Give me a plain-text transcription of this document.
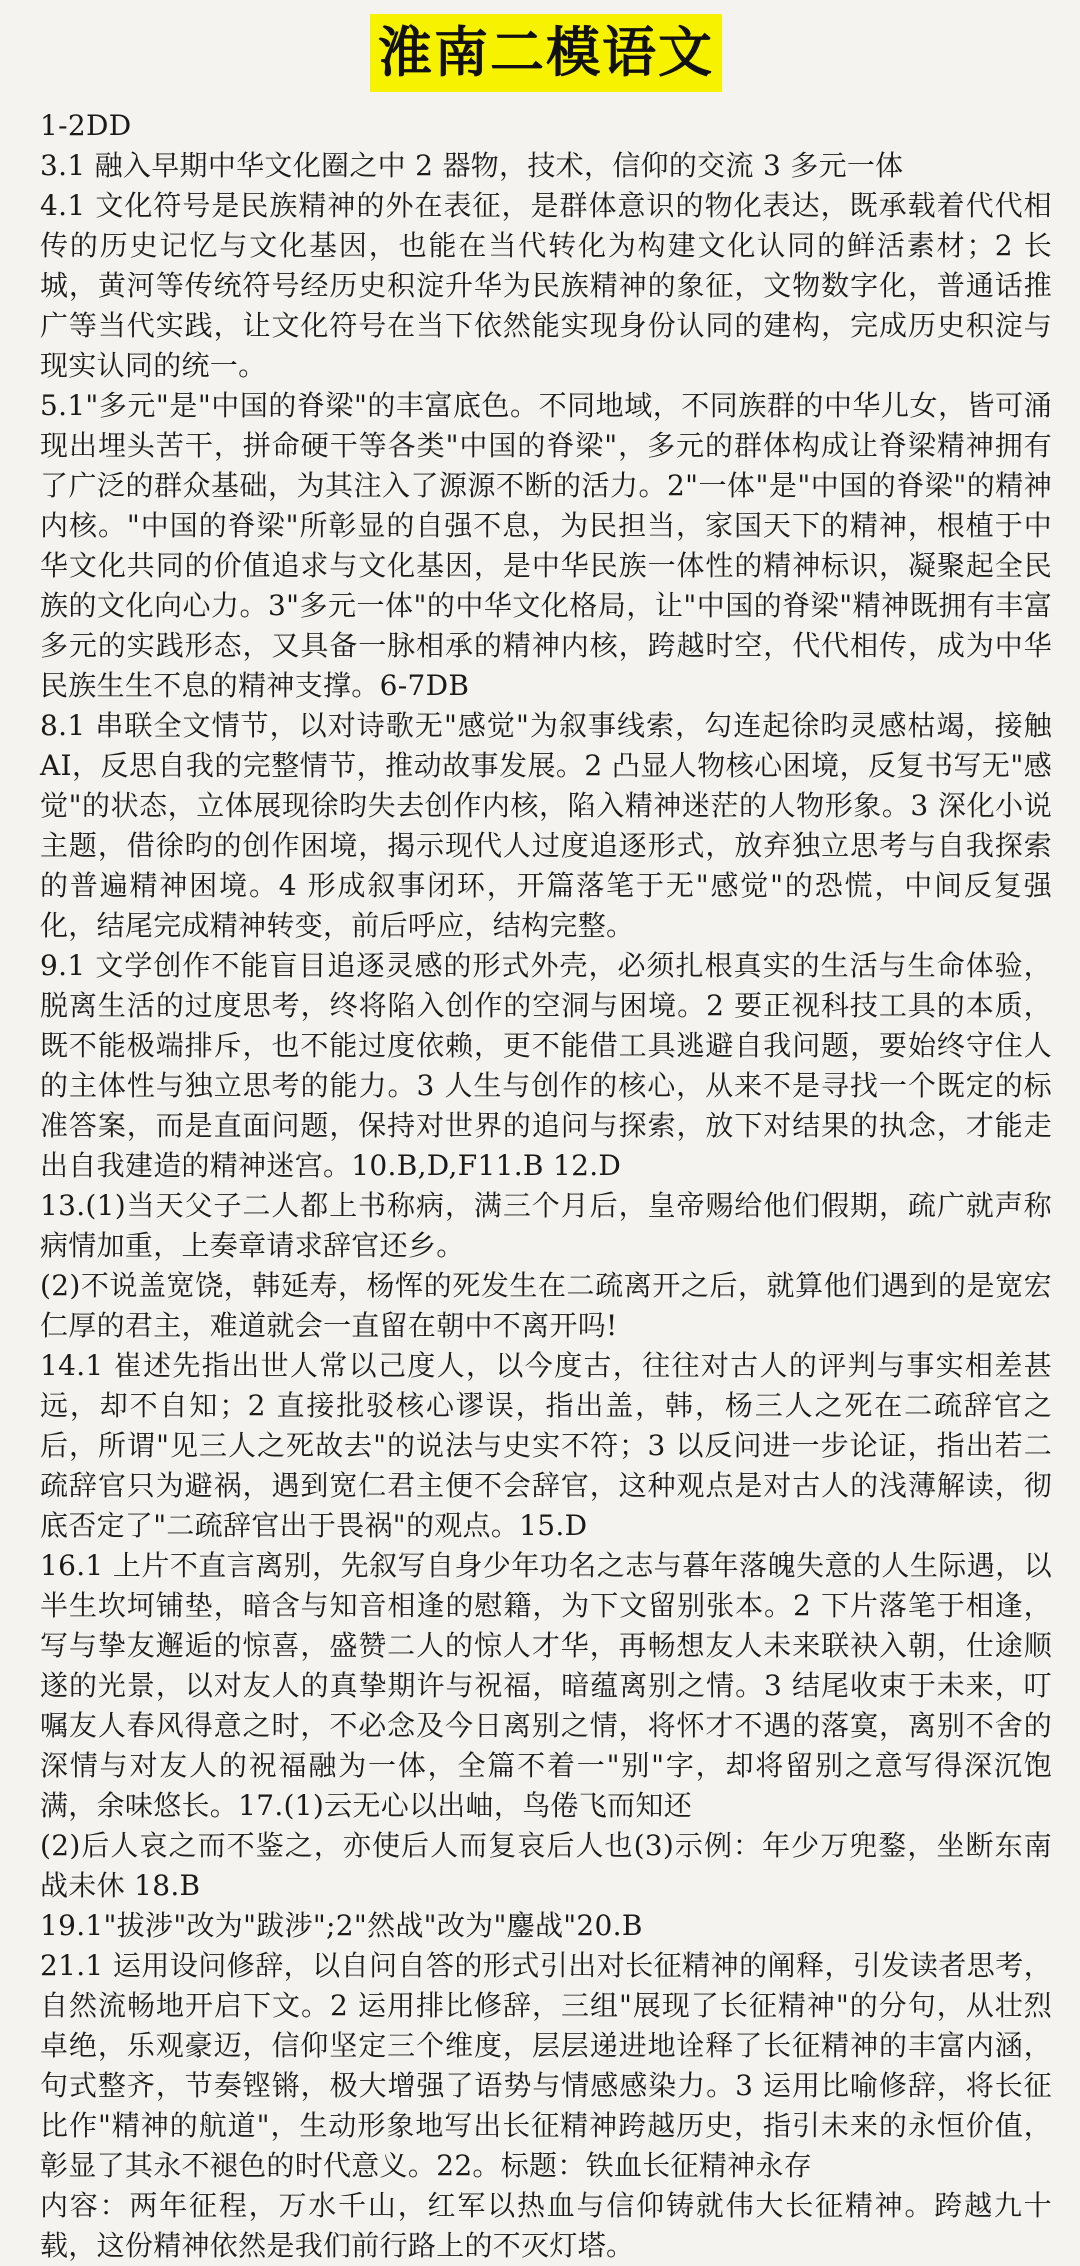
淮南二模语文

1-2DD

3.1 融入早期中华文化圈之中 2 器物，技术，信仰的交流 3 多元一体

4.1 文化符号是民族精神的外在表征，是群体意识的物化表达，既承载着代代相传的历史记忆与文化基因，也能在当代转化为构建文化认同的鲜活素材；2 长城，黄河等传统符号经历史积淀升华为民族精神的象征，文物数字化，普通话推广等当代实践，让文化符号在当下依然能实现身份认同的建构，完成历史积淀与现实认同的统一。

5.1"多元"是"中国的脊梁"的丰富底色。不同地域，不同族群的中华儿女，皆可涌现出埋头苦干，拼命硬干等各类"中国的脊梁"，多元的群体构成让脊梁精神拥有了广泛的群众基础，为其注入了源源不断的活力。2"一体"是"中国的脊梁"的精神内核。"中国的脊梁"所彰显的自强不息，为民担当，家国天下的精神，根植于中华文化共同的价值追求与文化基因，是中华民族一体性的精神标识，凝聚起全民族的文化向心力。3"多元一体"的中华文化格局，让"中国的脊梁"精神既拥有丰富多元的实践形态，又具备一脉相承的精神内核，跨越时空，代代相传，成为中华民族生生不息的精神支撑。6-7DB

8.1 串联全文情节，以对诗歌无"感觉"为叙事线索，勾连起徐昀灵感枯竭，接触AI，反思自我的完整情节，推动故事发展。2 凸显人物核心困境，反复书写无"感觉"的状态，立体展现徐昀失去创作内核，陷入精神迷茫的人物形象。3 深化小说主题，借徐昀的创作困境，揭示现代人过度追逐形式，放弃独立思考与自我探索的普遍精神困境。4 形成叙事闭环，开篇落笔于无"感觉"的恐慌，中间反复强化，结尾完成精神转变，前后呼应，结构完整。

9.1 文学创作不能盲目追逐灵感的形式外壳，必须扎根真实的生活与生命体验，脱离生活的过度思考，终将陷入创作的空洞与困境。2 要正视科技工具的本质，既不能极端排斥，也不能过度依赖，更不能借工具逃避自我问题，要始终守住人的主体性与独立思考的能力。3 人生与创作的核心，从来不是寻找一个既定的标准答案，而是直面问题，保持对世界的追问与探索，放下对结果的执念，才能走出自我建造的精神迷宫。10.B,D,F11.B 12.D

13.(1)当天父子二人都上书称病，满三个月后，皇帝赐给他们假期，疏广就声称病情加重，上奏章请求辞官还乡。

(2)不说盖宽饶，韩延寿，杨恽的死发生在二疏离开之后，就算他们遇到的是宽宏仁厚的君主，难道就会一直留在朝中不离开吗!

14.1 崔述先指出世人常以己度人，以今度古，往往对古人的评判与事实相差甚远，却不自知；2 直接批驳核心谬误，指出盖，韩，杨三人之死在二疏辞官之后，所谓"见三人之死故去"的说法与史实不符；3 以反问进一步论证，指出若二疏辞官只为避祸，遇到宽仁君主便不会辞官，这种观点是对古人的浅薄解读，彻底否定了"二疏辞官出于畏祸"的观点。15.D

16.1 上片不直言离别，先叙写自身少年功名之志与暮年落魄失意的人生际遇，以半生坎坷铺垫，暗含与知音相逢的慰籍，为下文留别张本。2 下片落笔于相逢，写与挚友邂逅的惊喜，盛赞二人的惊人才华，再畅想友人未来联袂入朝，仕途顺遂的光景，以对友人的真挚期许与祝福，暗蕴离别之情。3 结尾收束于未来，叮嘱友人春风得意之时，不必念及今日离别之情，将怀才不遇的落寞，离别不舍的深情与对友人的祝福融为一体，全篇不着一"别"字，却将留别之意写得深沉饱满，余味悠长。17.(1)云无心以出岫，鸟倦飞而知还

(2)后人哀之而不鉴之，亦使后人而复哀后人也(3)示例：年少万兜鍪，坐断东南战未休 18.B

19.1"拔涉"改为"跋涉";2"然战"改为"鏖战"20.B

21.1 运用设问修辞，以自问自答的形式引出对长征精神的阐释，引发读者思考，自然流畅地开启下文。2 运用排比修辞，三组"展现了长征精神"的分句，从壮烈卓绝，乐观豪迈，信仰坚定三个维度，层层递进地诠释了长征精神的丰富内涵，句式整齐，节奏铿锵，极大增强了语势与情感感染力。3 运用比喻修辞，将长征比作"精神的航道"，生动形象地写出长征精神跨越历史，指引未来的永恒价值，彰显了其永不褪色的时代意义。22。标题：铁血长征精神永存

内容：两年征程，万水千山，红军以热血与信仰铸就伟大长征精神。跨越九十载，这份精神依然是我们前行路上的不灭灯塔。
